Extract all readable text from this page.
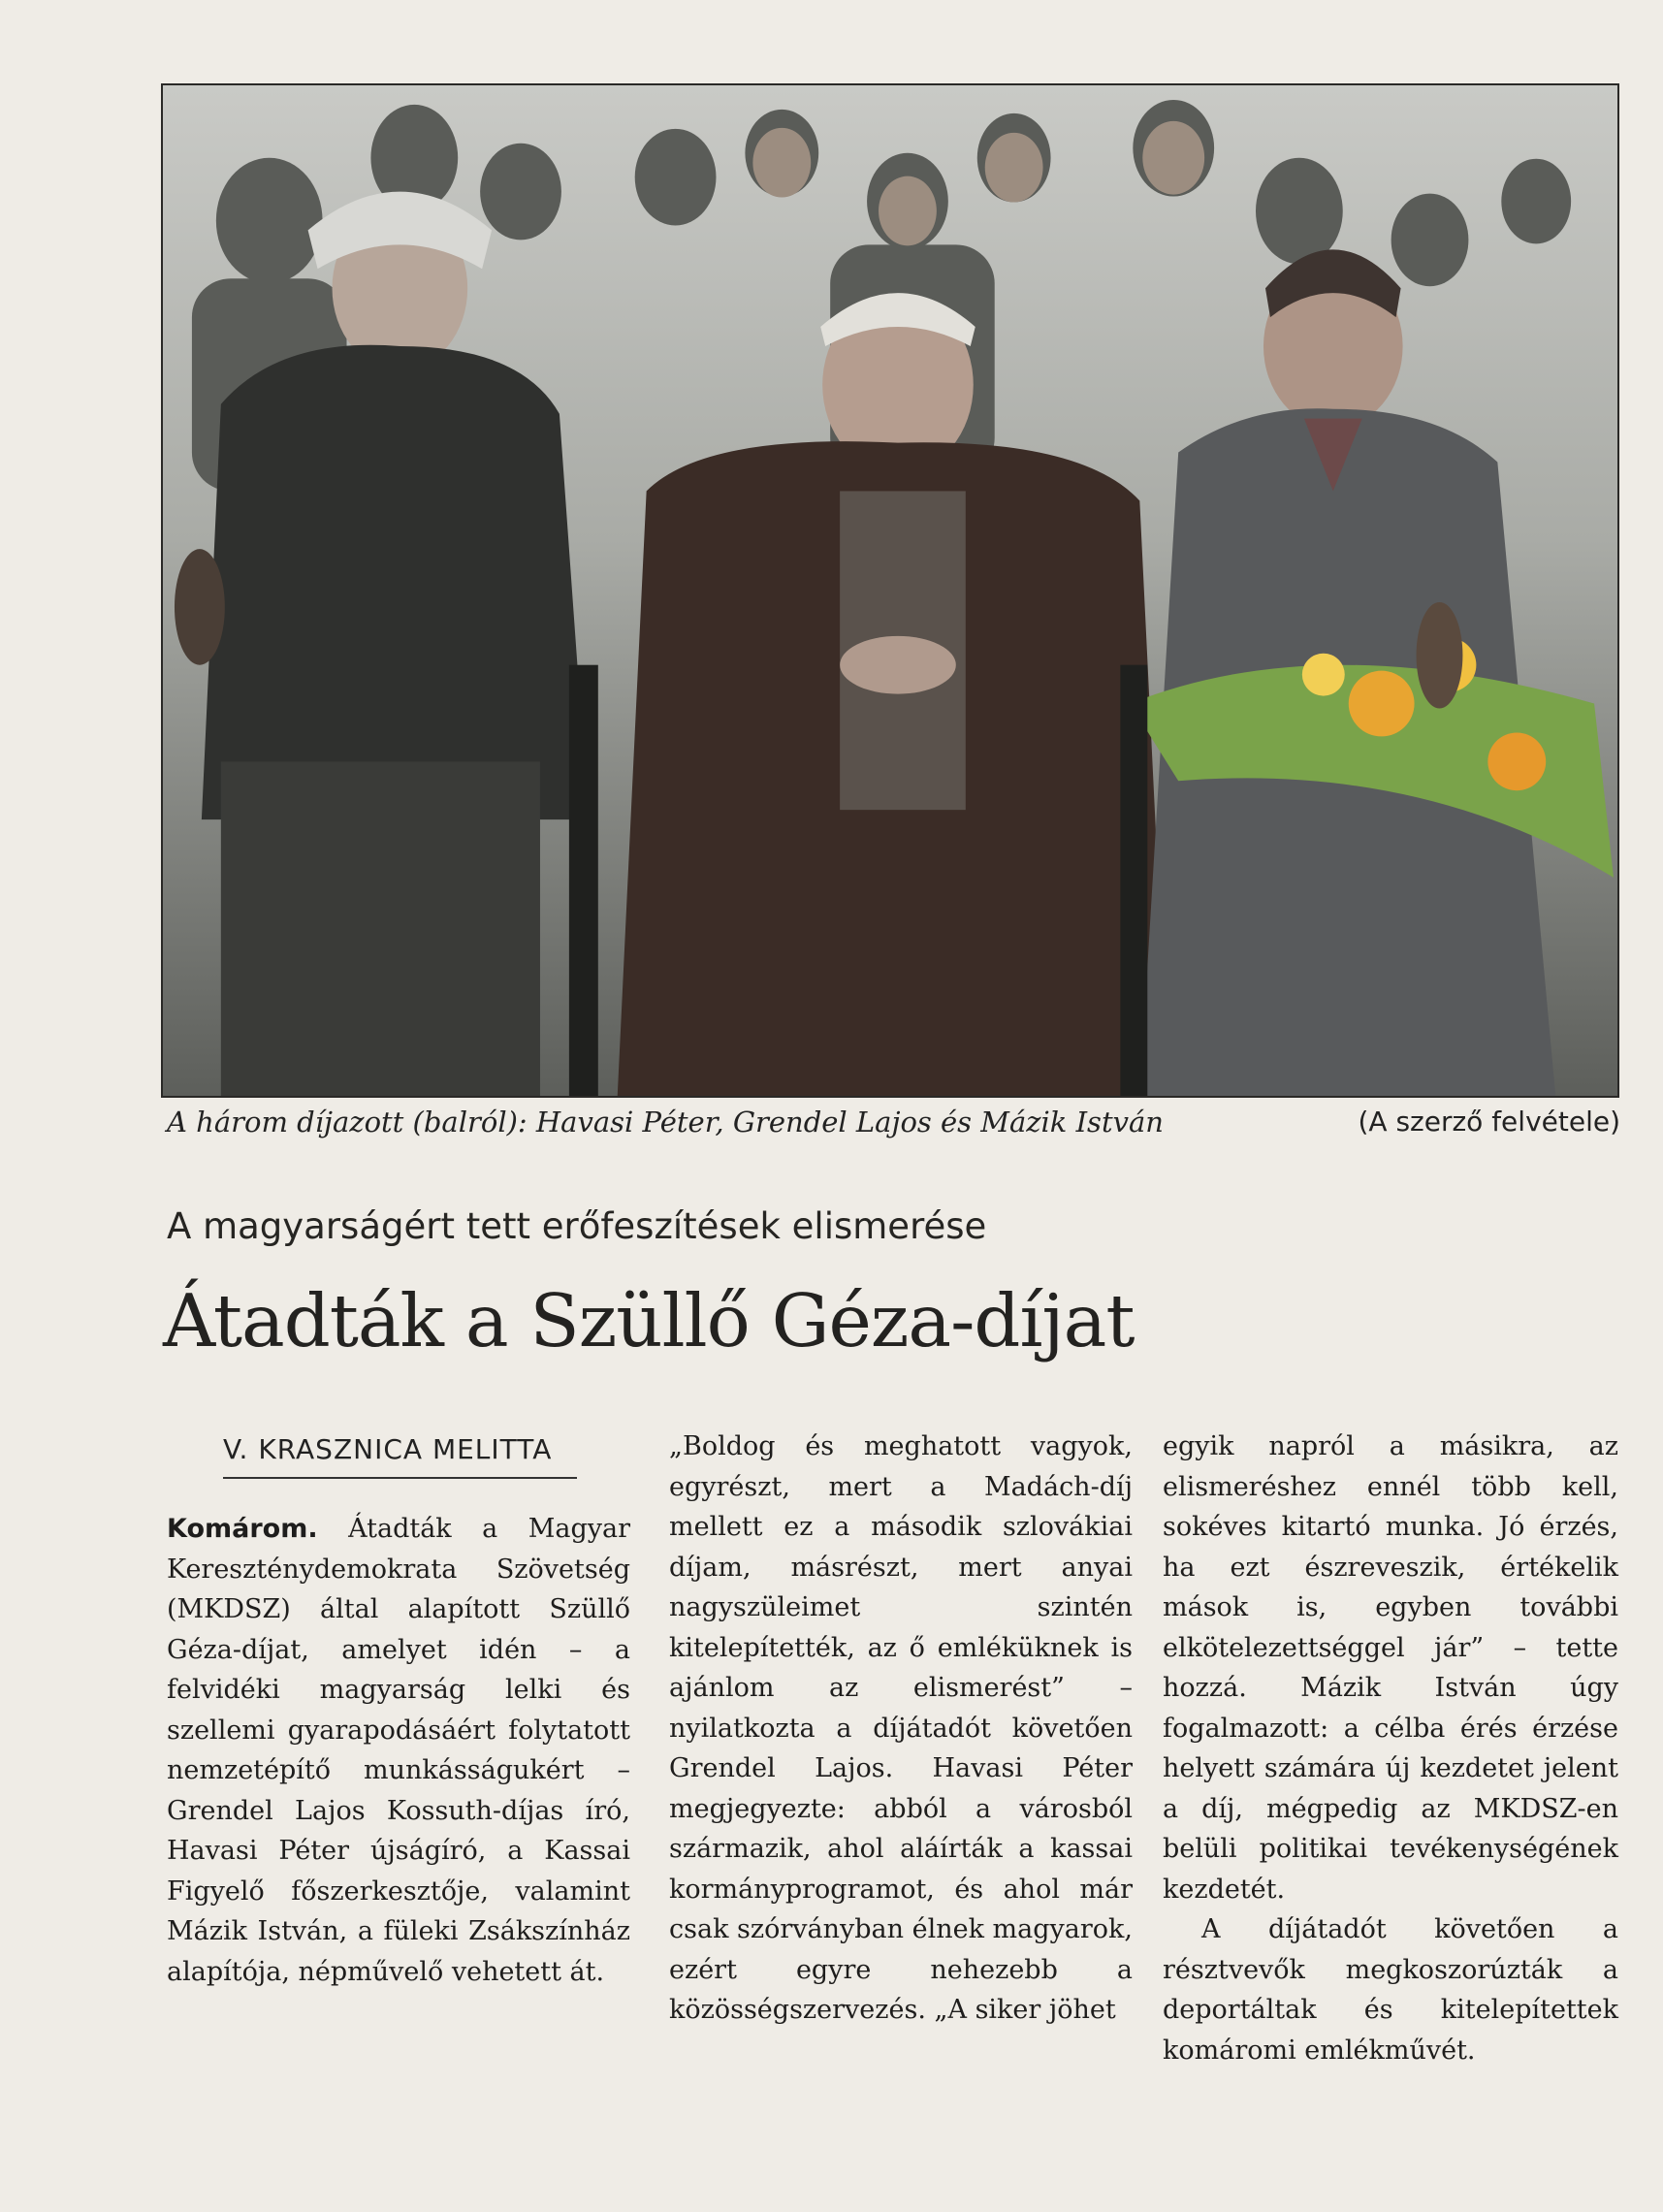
A három díjazott (balról): Havasi Péter, Grendel Lajos és Mázik István	(A szerző felvétele)
A magyarságért tett erőfeszítések elismerése
Átadták a Szüllő Géza-díjat
V. KRASZNICA MELITTA

Komárom. Átadták a Magyar Kereszténydemokrata Szövetség (MKDSZ) által alapított Szüllő Géza-díjat, amelyet idén – a felvidéki magyarság lelki és szellemi gyarapodásáért folytatott nemzetépítő munkásságukért – Grendel Lajos Kossuth-díjas író, Havasi Péter újságíró, a Kassai Figyelő főszerkesztője, valamint Mázik István, a füleki Zsákszínház alapítója, népművelő vehetett át.

„Boldog és meghatott vagyok, egyrészt, mert a Madách-díj mellett ez a második szlovákiai díjam, másrészt, mert anyai nagyszüleimet szintén kitelepítették, az ő emléküknek is ajánlom az elismerést” – nyilatkozta a díjátadót követően Grendel Lajos. Havasi Péter megjegyezte: abból a városból származik, ahol aláírták a kassai kormányprogramot, és ahol már csak szórványban élnek magyarok, ezért egyre nehezebb a közösségszervezés. „A siker jöhet

egyik napról a másikra, az elismeréshez ennél több kell, sokéves kitartó munka. Jó érzés, ha ezt észreveszik, értékelik mások is, egyben további elkötelezettséggel jár” – tette hozzá. Mázik István úgy fogalmazott: a célba érés érzése helyett számára új kezdetet jelent a díj, mégpedig az MKDSZ-en belüli politikai tevékenységének kezdetét.

A díjátadót követően a résztvevők megkoszorúzták a deportáltak és kitelepítettek komáromi emlékművét.
